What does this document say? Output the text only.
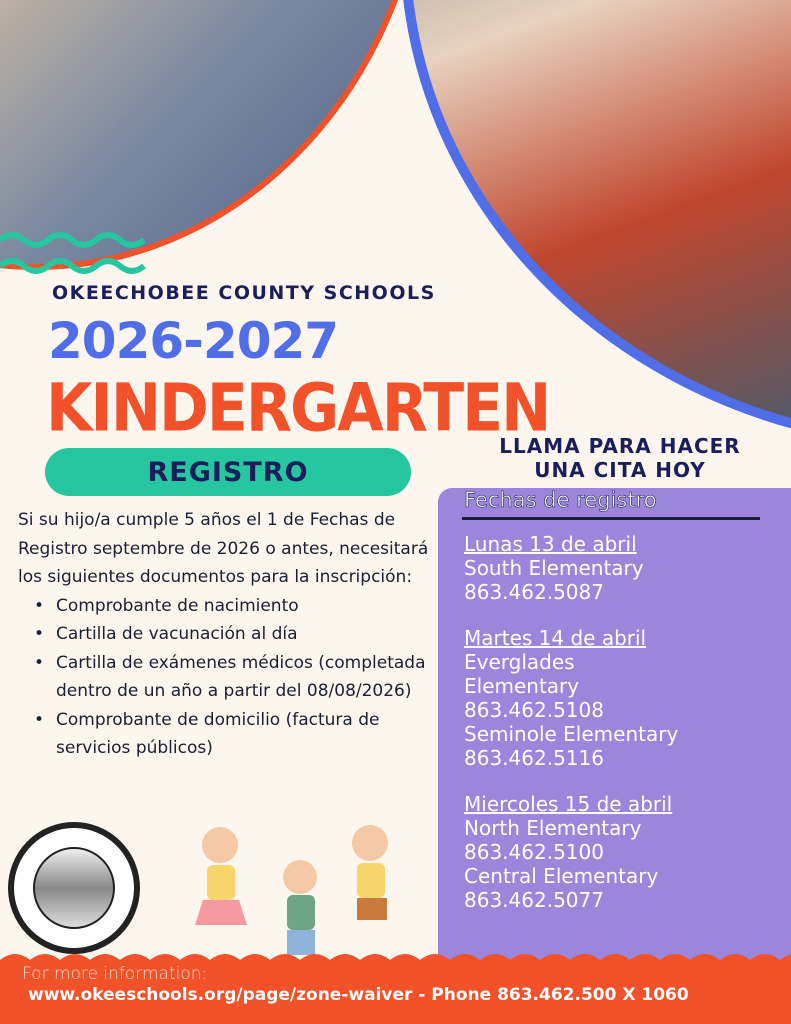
OKEECHOBEE COUNTY SCHOOLS
2026-2027
KINDERGARTEN
REGISTRO
LLAMA PARA HACER
UNA CITA HOY

Si su hijo/a cumple 5 años el 1 de Fechas de Registro septembre de 2026 o antes, necesitará los siguientes documentos para la inscripción:

• Comprobante de nacimiento
• Cartilla de vacunación al día
• Cartilla de exámenes médicos (completada dentro de un año a partir del 08/08/2026)
• Comprobante de domicilio (factura de servicios públicos)
Fechas de registro
Lunas 13 de abril
South Elementary
863.462.5087
Martes 14 de abril
Everglades
Elementary
863.462.5108
Seminole Elementary
863.462.5116
Miercoles 15 de abril
North Elementary
863.462.5100
Central Elementary
863.462.5077
For more information:
www.okeeschools.org/page/zone-waiver - Phone 863.462.500 X 1060
